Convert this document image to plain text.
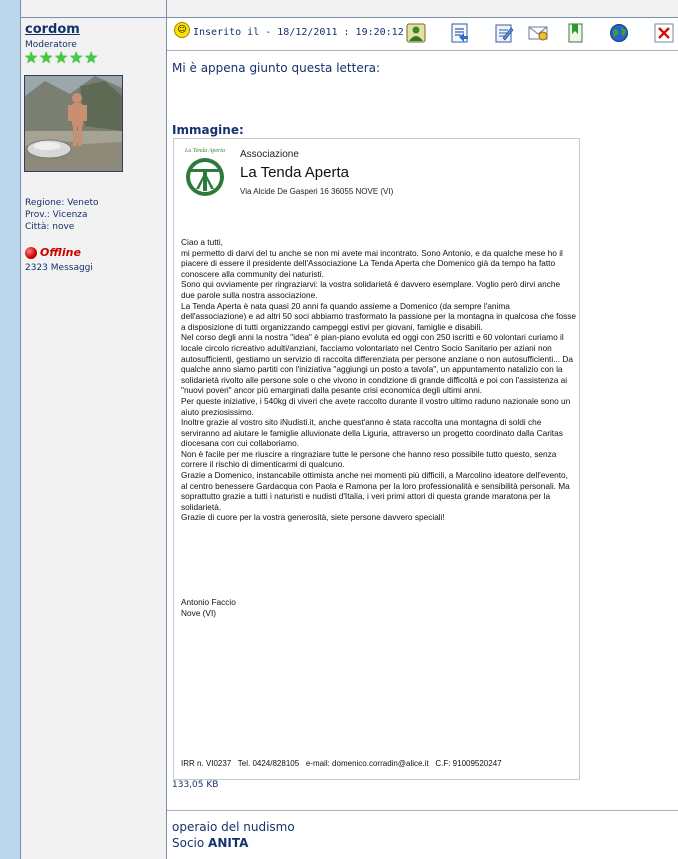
cordom
Moderatore
★ ★ ★ ★ ★
Regione: Veneto
Prov.: Vicenza
Città: nove
Offline
2323 Messaggi
☺ Inserito il - 18/12/2011 : 19:20:12
Mi è appena giunto questa lettera:
Immagine:
La Tenda Aperta Associazione
La Tenda Aperta
Via Alcide De Gasperi 16 36055 NOVE (VI)
Ciao a tutti,
mi permetto di darvi del tu anche se non mi avete mai incontrato. Sono Antonio, e da qualche mese ho il piacere di essere il presidente dell'Associazione La Tenda Aperta che Domenico già da tempo ha fatto conoscere alla community dei naturisti.
Sono qui ovviamente per ringraziarvi: la vostra solidarietà è davvero esemplare. Voglio però dirvi anche due parole sulla nostra associazione.
La Tenda Aperta è nata quasi 20 anni fa quando assieme a Domenico (da sempre l'anima dell'associazione) e ad altri 50 soci abbiamo trasformato la passione per la montagna in qualcosa che fosse a disposizione di tutti organizzando campeggi estivi per giovani, famiglie e disabili.
Nel corso degli anni la nostra "idea" è pian-piano evoluta ed oggi con 250 iscritti e 60 volontari curiamo il locale circolo ricreativo adulti/anziani, facciamo volontariato nel Centro Socio Sanitario per aziani non autosufficienti, gestiamo un servizio di raccolta differenziata per persone anziane o non autosufficienti... Da qualche anno siamo partiti con l'iniziativa "aggiungi un posto a tavola", un appuntamento natalizio con la solidarietà rivolto alle persone sole o che vivono in condizione di grande difficoltà e poi con l'assistenza ai "nuovi poveri" ancor più emarginati dalla pesante crisi economica degli ultimi anni.
Per queste iniziative, i 540kg di viveri che avete raccolto durante il vostro ultimo raduno nazionale sono un aiuto preziosissimo.
Inoltre grazie al vostro sito iNudisti.it, anche quest'anno è stata raccolta una montagna di soldi che serviranno ad aiutare le famiglie alluvionate della Liguria, attraverso un progetto coordinato dalla Caritas diocesana con cui collaboriamo.
Non è facile per me riuscire a ringraziare tutte le persone che hanno reso possibile tutto questo, senza correre il rischio di dimenticarmi di qualcuno.
Grazie a Domenico, instancabile ottimista anche nei momenti più difficili, a Marcolino ideatore dell'evento, al centro benessere Gardacqua con Paola e Ramona per la loro professionalità e sensibilità personali. Ma soprattutto grazie a tutti i naturisti e nudisti d'Italia, i veri primi attori di questa grande maratona per la solidarietà.
Grazie di cuore per la vostra generosità, siete persone davvero speciali!
Antonio Faccio
Nove (VI)
IRR n. VI0237   Tel. 0424/828105   e-mail: domenico.corradin@alice.it   C.F: 91009520247
133,05 KB
operaio del nudismo
Socio ANITA
